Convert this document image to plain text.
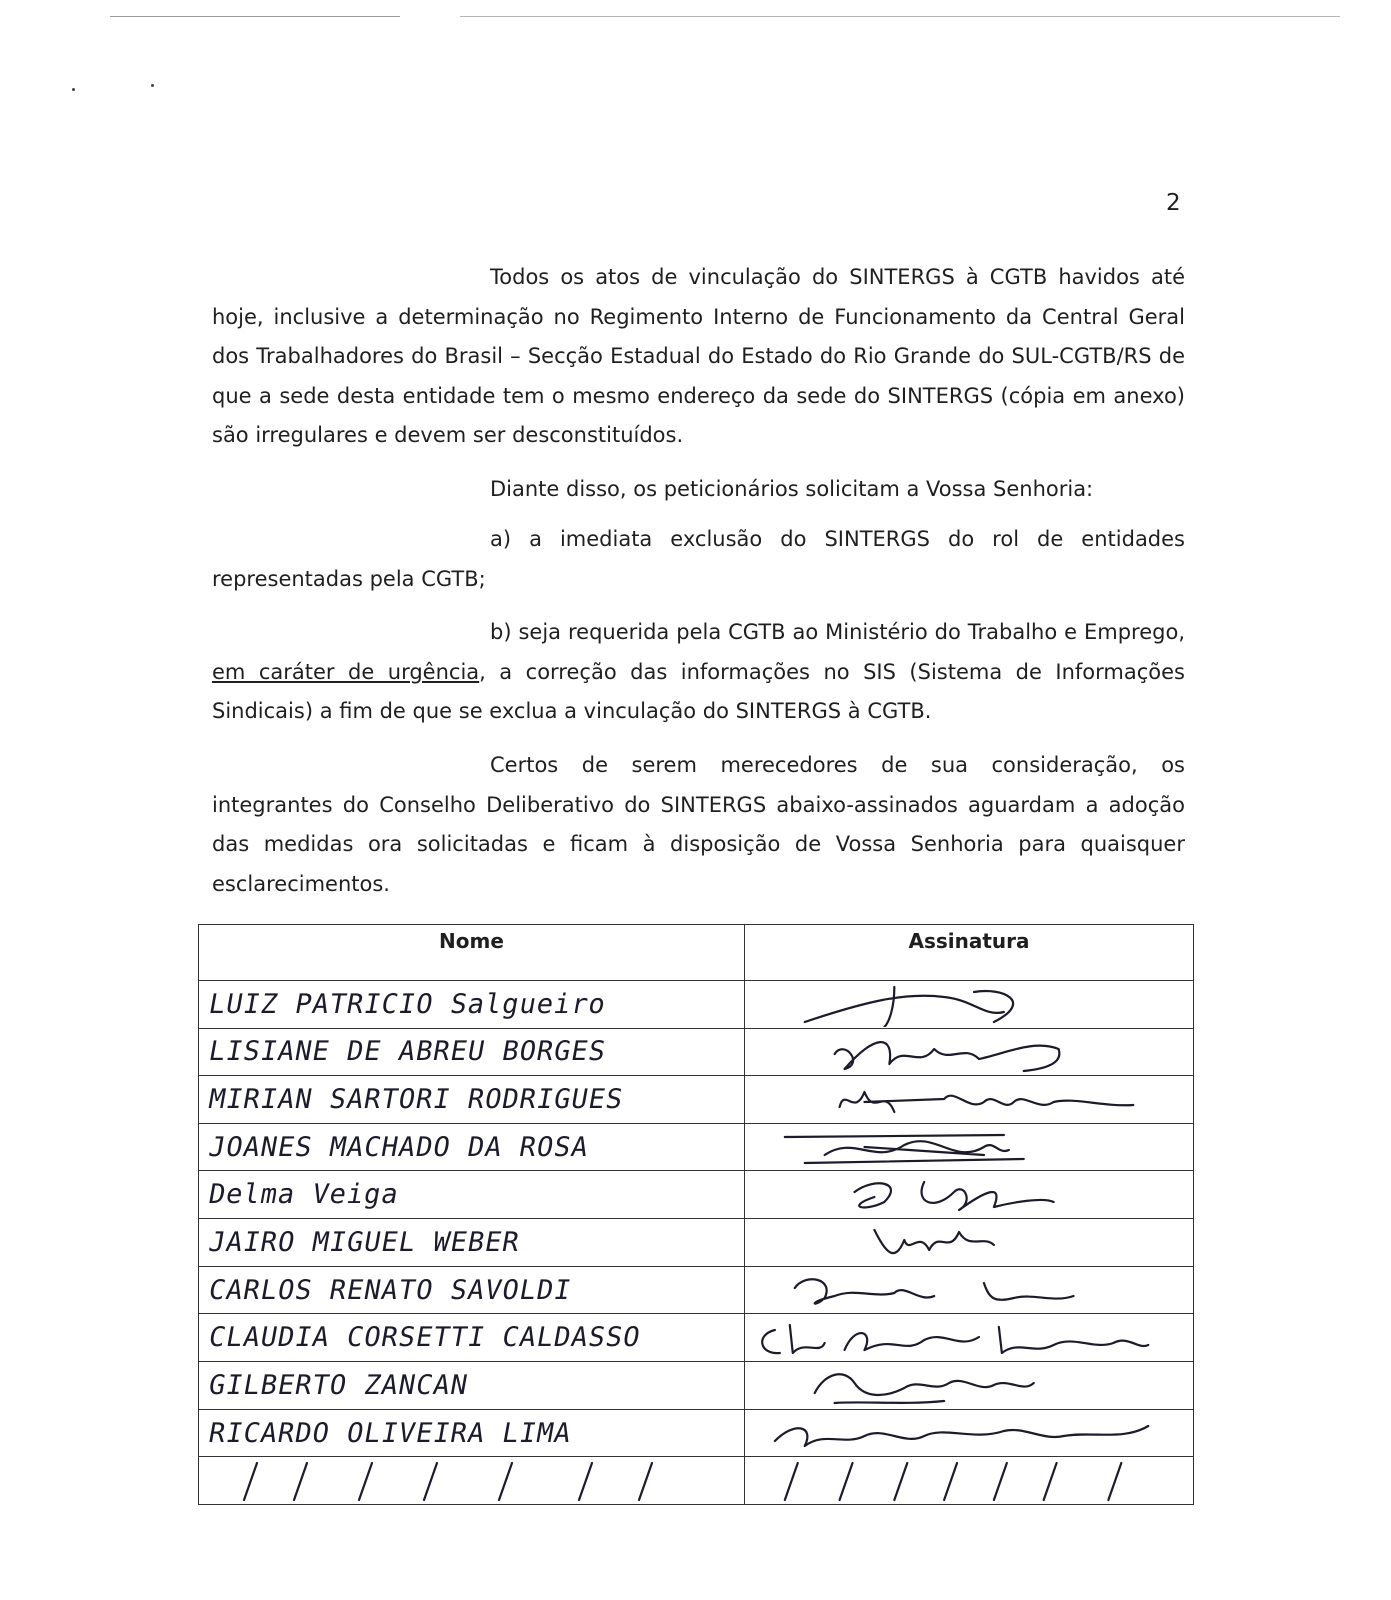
2

Todos os atos de vinculação do SINTERGS à CGTB havidos até hoje, inclusive a determinação no Regimento Interno de Funcionamento da Central Geral dos Trabalhadores do Brasil – Secção Estadual do Estado do Rio Grande do SUL-CGTB/RS de que a sede desta entidade tem o mesmo endereço da sede do SINTERGS (cópia em anexo) são irregulares e devem ser desconstituídos.

Diante disso, os peticionários solicitam a Vossa Senhoria:

a) a imediata exclusão do SINTERGS do rol de entidades representadas pela CGTB;

b) seja requerida pela CGTB ao Ministério do Trabalho e Emprego, em caráter de urgência, a correção das informações no SIS (Sistema de Informações Sindicais) a fim de que se exclua a vinculação do SINTERGS à CGTB.

Certos de serem merecedores de sua consideração, os integrantes do Conselho Deliberativo do SINTERGS abaixo-assinados aguardam a adoção das medidas ora solicitadas e ficam à disposição de Vossa Senhoria para quaisquer esclarecimentos.

Nome	Assinatura

LUIZ PATRICIO Salgueiro

LISIANE DE ABREU BORGES

MIRIAN SARTORI RODRIGUES

JOANES MACHADO DA ROSA

Delma Veiga

JAIRO MIGUEL WEBER

CARLOS RENATO SAVOLDI

CLAUDIA CORSETTI CALDASSO

GILBERTO ZANCAN

RICARDO OLIVEIRA LIMA
